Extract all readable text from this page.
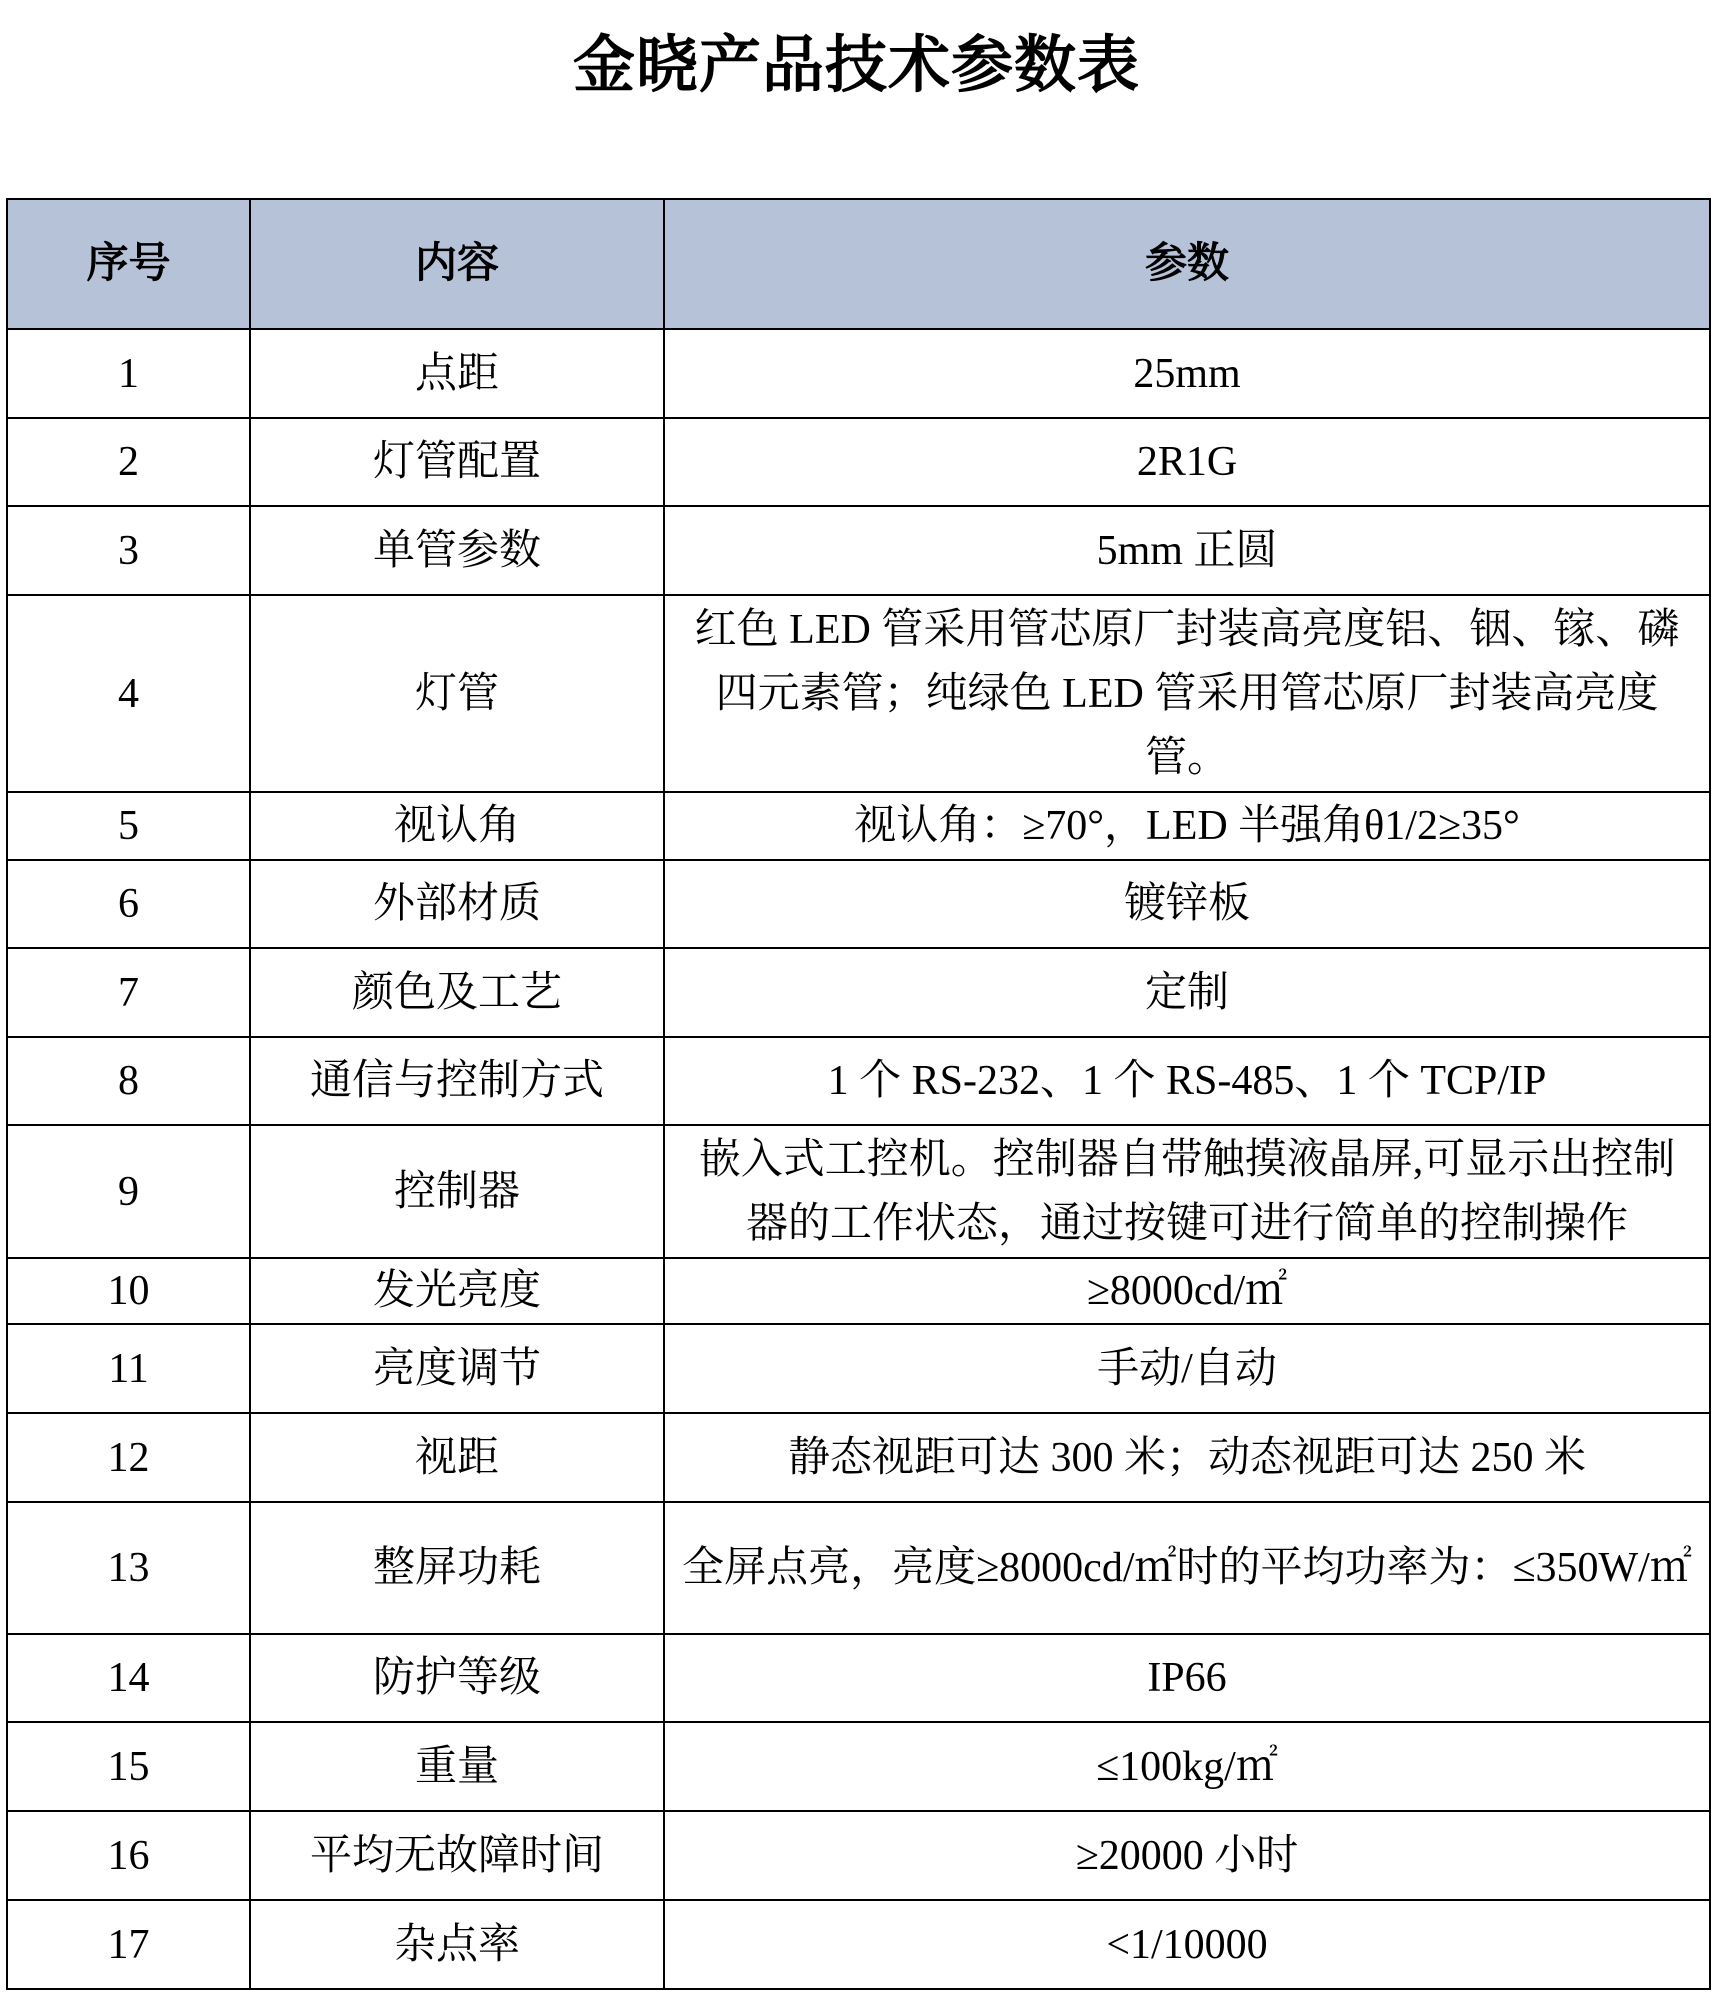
金晓产品技术参数表
序号	内容	参数
1	点距	25mm
2	灯管配置	2R1G
3	单管参数	5mm 正圆
4	灯管	红色 LED 管采用管芯原厂封装高亮度铝、铟、镓、磷四元素管；纯绿色 LED 管采用管芯原厂封装高亮度管。
5	视认角	视认角：≥70°，LED 半强角θ1/2≥35°
6	外部材质	镀锌板
7	颜色及工艺	定制
8	通信与控制方式	1 个 RS-232、1 个 RS-485、1 个 TCP/IP
9	控制器	嵌入式工控机。控制器自带触摸液晶屏,可显示出控制器的工作状态，通过按键可进行简单的控制操作
10	发光亮度	≥8000cd/㎡
11	亮度调节	手动/自动
12	视距	静态视距可达 300 米；动态视距可达 250 米
13	整屏功耗	全屏点亮，亮度≥8000cd/㎡时的平均功率为：≤350W/㎡
14	防护等级	IP66
15	重量	≤100kg/㎡
16	平均无故障时间	≥20000 小时
17	杂点率	<1/10000
